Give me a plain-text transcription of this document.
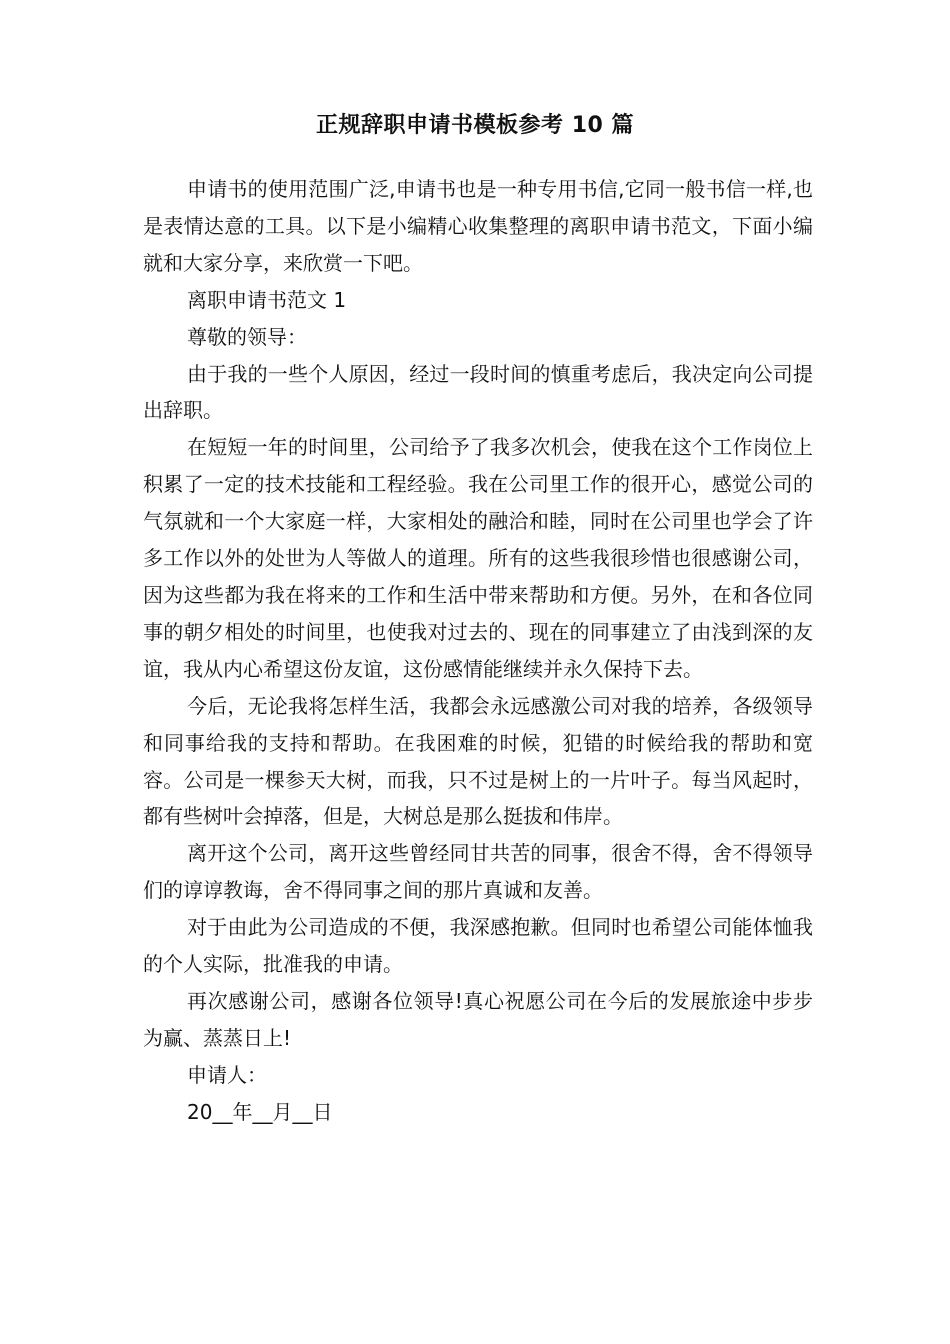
正规辞职申请书模板参考 10 篇

申请书的使用范围广泛,申请书也是一种专用书信,它同一般书信一样,也是表情达意的工具。以下是小编精心收集整理的离职申请书范文，下面小编就和大家分享，来欣赏一下吧。

离职申请书范文 1

尊敬的领导：

由于我的一些个人原因，经过一段时间的慎重考虑后，我决定向公司提出辞职。

在短短一年的时间里，公司给予了我多次机会，使我在这个工作岗位上积累了一定的技术技能和工程经验。我在公司里工作的很开心，感觉公司的气氛就和一个大家庭一样，大家相处的融洽和睦，同时在公司里也学会了许多工作以外的处世为人等做人的道理。所有的这些我很珍惜也很感谢公司，因为这些都为我在将来的工作和生活中带来帮助和方便。另外，在和各位同事的朝夕相处的时间里，也使我对过去的、现在的同事建立了由浅到深的友谊，我从内心希望这份友谊，这份感情能继续并永久保持下去。

今后，无论我将怎样生活，我都会永远感激公司对我的培养，各级领导和同事给我的支持和帮助。在我困难的时候，犯错的时候给我的帮助和宽容。公司是一棵参天大树，而我，只不过是树上的一片叶子。每当风起时，都有些树叶会掉落，但是，大树总是那么挺拔和伟岸。

离开这个公司，离开这些曾经同甘共苦的同事，很舍不得，舍不得领导们的谆谆教诲，舍不得同事之间的那片真诚和友善。

对于由此为公司造成的不便，我深感抱歉。但同时也希望公司能体恤我的个人实际，批准我的申请。

再次感谢公司，感谢各位领导!真心祝愿公司在今后的发展旅途中步步为赢、蒸蒸日上!

申请人：

20__年__月__日
